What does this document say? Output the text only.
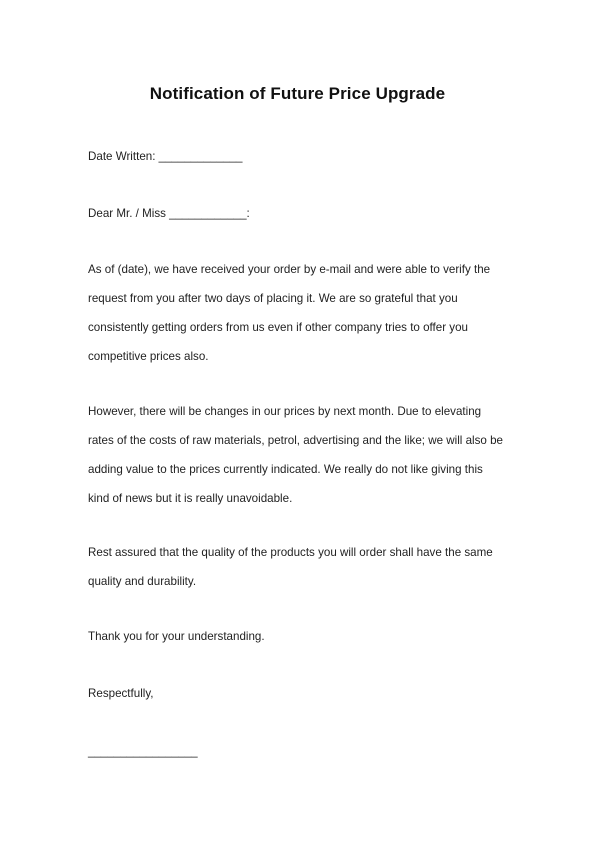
Notification of Future Price Upgrade
Date Written: _____________
Dear Mr. / Miss ____________:
As of (date), we have received your order by e-mail and were able to verify the
request from you after two days of placing it. We are so grateful that you
consistently getting orders from us even if other company tries to offer you
competitive prices also.
However, there will be changes in our prices by next month. Due to elevating
rates of the costs of raw materials, petrol, advertising and the like; we will also be
adding value to the prices currently indicated. We really do not like giving this
kind of news but it is really unavoidable.
Rest assured that the quality of the products you will order shall have the same
quality and durability.
Thank you for your understanding.
Respectfully,
_________________
